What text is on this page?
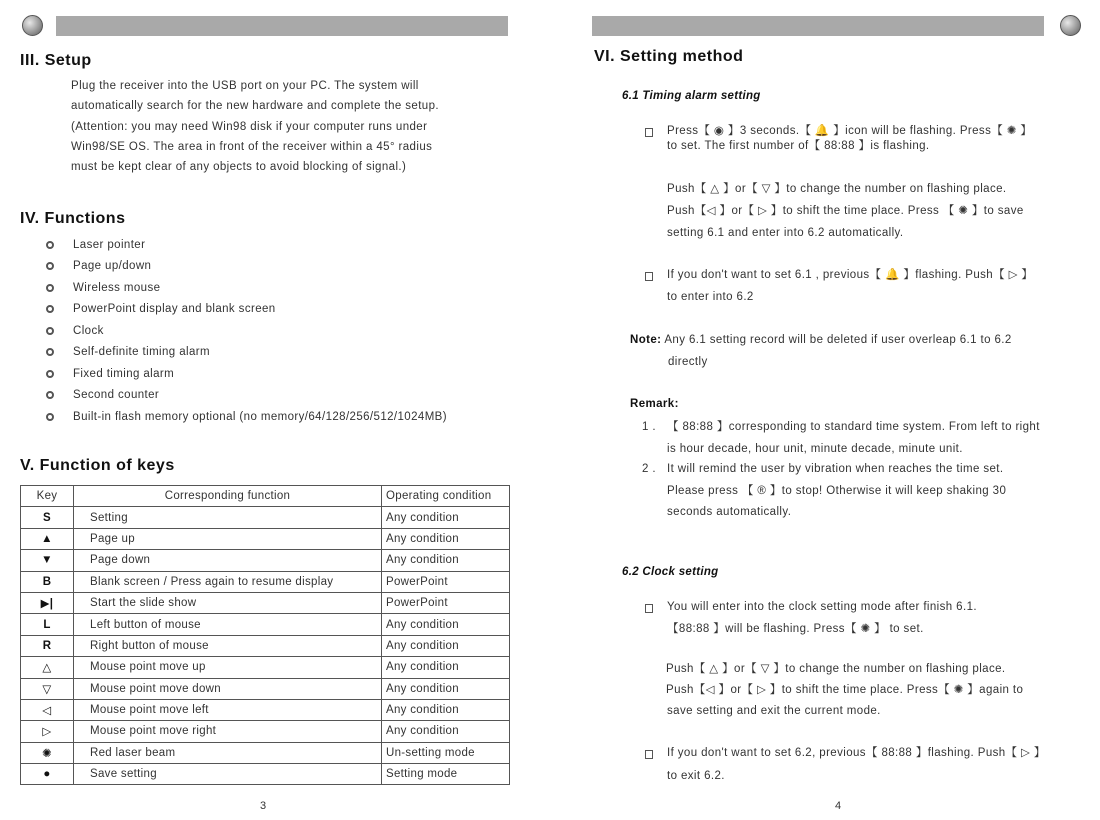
III. Setup
Plug the receiver into the USB port on your PC. The system will
automatically search for the new hardware and complete the setup.
(Attention: you may need Win98 disk if your computer runs under
Win98/SE OS. The area in front of the receiver within a 45° radius
must be kept clear of any objects to avoid blocking of signal.)
IV. Functions
Laser pointer
Page up/down
Wireless mouse
PowerPoint display and blank screen
Clock
Self-definite timing alarm
Fixed timing alarm
Second counter
Built-in flash memory optional (no memory/64/128/256/512/1024MB)
V. Function of keys
Key	Corresponding function	Operating condition
S	Setting	Any condition
▲	Page up	Any condition
▼	Page down	Any condition
B	Blank screen / Press again to resume display	PowerPoint
▶|	Start the slide show	PowerPoint
L	Left button of mouse	Any condition
R	Right button of mouse	Any condition
△	Mouse point move up	Any condition
▽	Mouse point move down	Any condition
◁	Mouse point move left	Any condition
▷	Mouse point move right	Any condition
✺	Red laser beam	Un-setting mode
●	Save setting	Setting mode
3
VI. Setting method
6.1 Timing alarm setting
Press【 ◉ 】3 seconds.【 🔔 】icon will be flashing. Press【 ✺ 】
to set. The first number of【 88:88 】is flashing.
Push【 △ 】or【 ▽ 】to change the number on flashing place.
Push【◁ 】or【 ▷ 】to shift the time place. Press 【 ✺ 】to save
setting 6.1 and enter into 6.2 automatically.
If you don't want to set 6.1 , previous【 🔔 】flashing. Push【 ▷ 】
to enter into 6.2
Note: Any 6.1 setting record will be deleted if user overleap 6.1 to 6.2
directly
Remark:
1 . 【 88:88 】corresponding to standard time system. From left to right
is hour decade, hour unit, minute decade, minute unit.
2 . It will remind the user by vibration when reaches the time set.
Please press 【 ® 】to stop! Otherwise it will keep shaking 30
seconds automatically.
6.2 Clock setting
You will enter into the clock setting mode after finish 6.1.
【88:88 】will be flashing. Press【 ✺ 】 to set.
Push【 △ 】or【 ▽ 】to change the number on flashing place.
Push【◁ 】or【 ▷ 】to shift the time place. Press【 ✺ 】again to
save setting and exit the current mode.
If you don't want to set 6.2, previous【 88:88 】flashing. Push【 ▷ 】
to exit 6.2.
4
